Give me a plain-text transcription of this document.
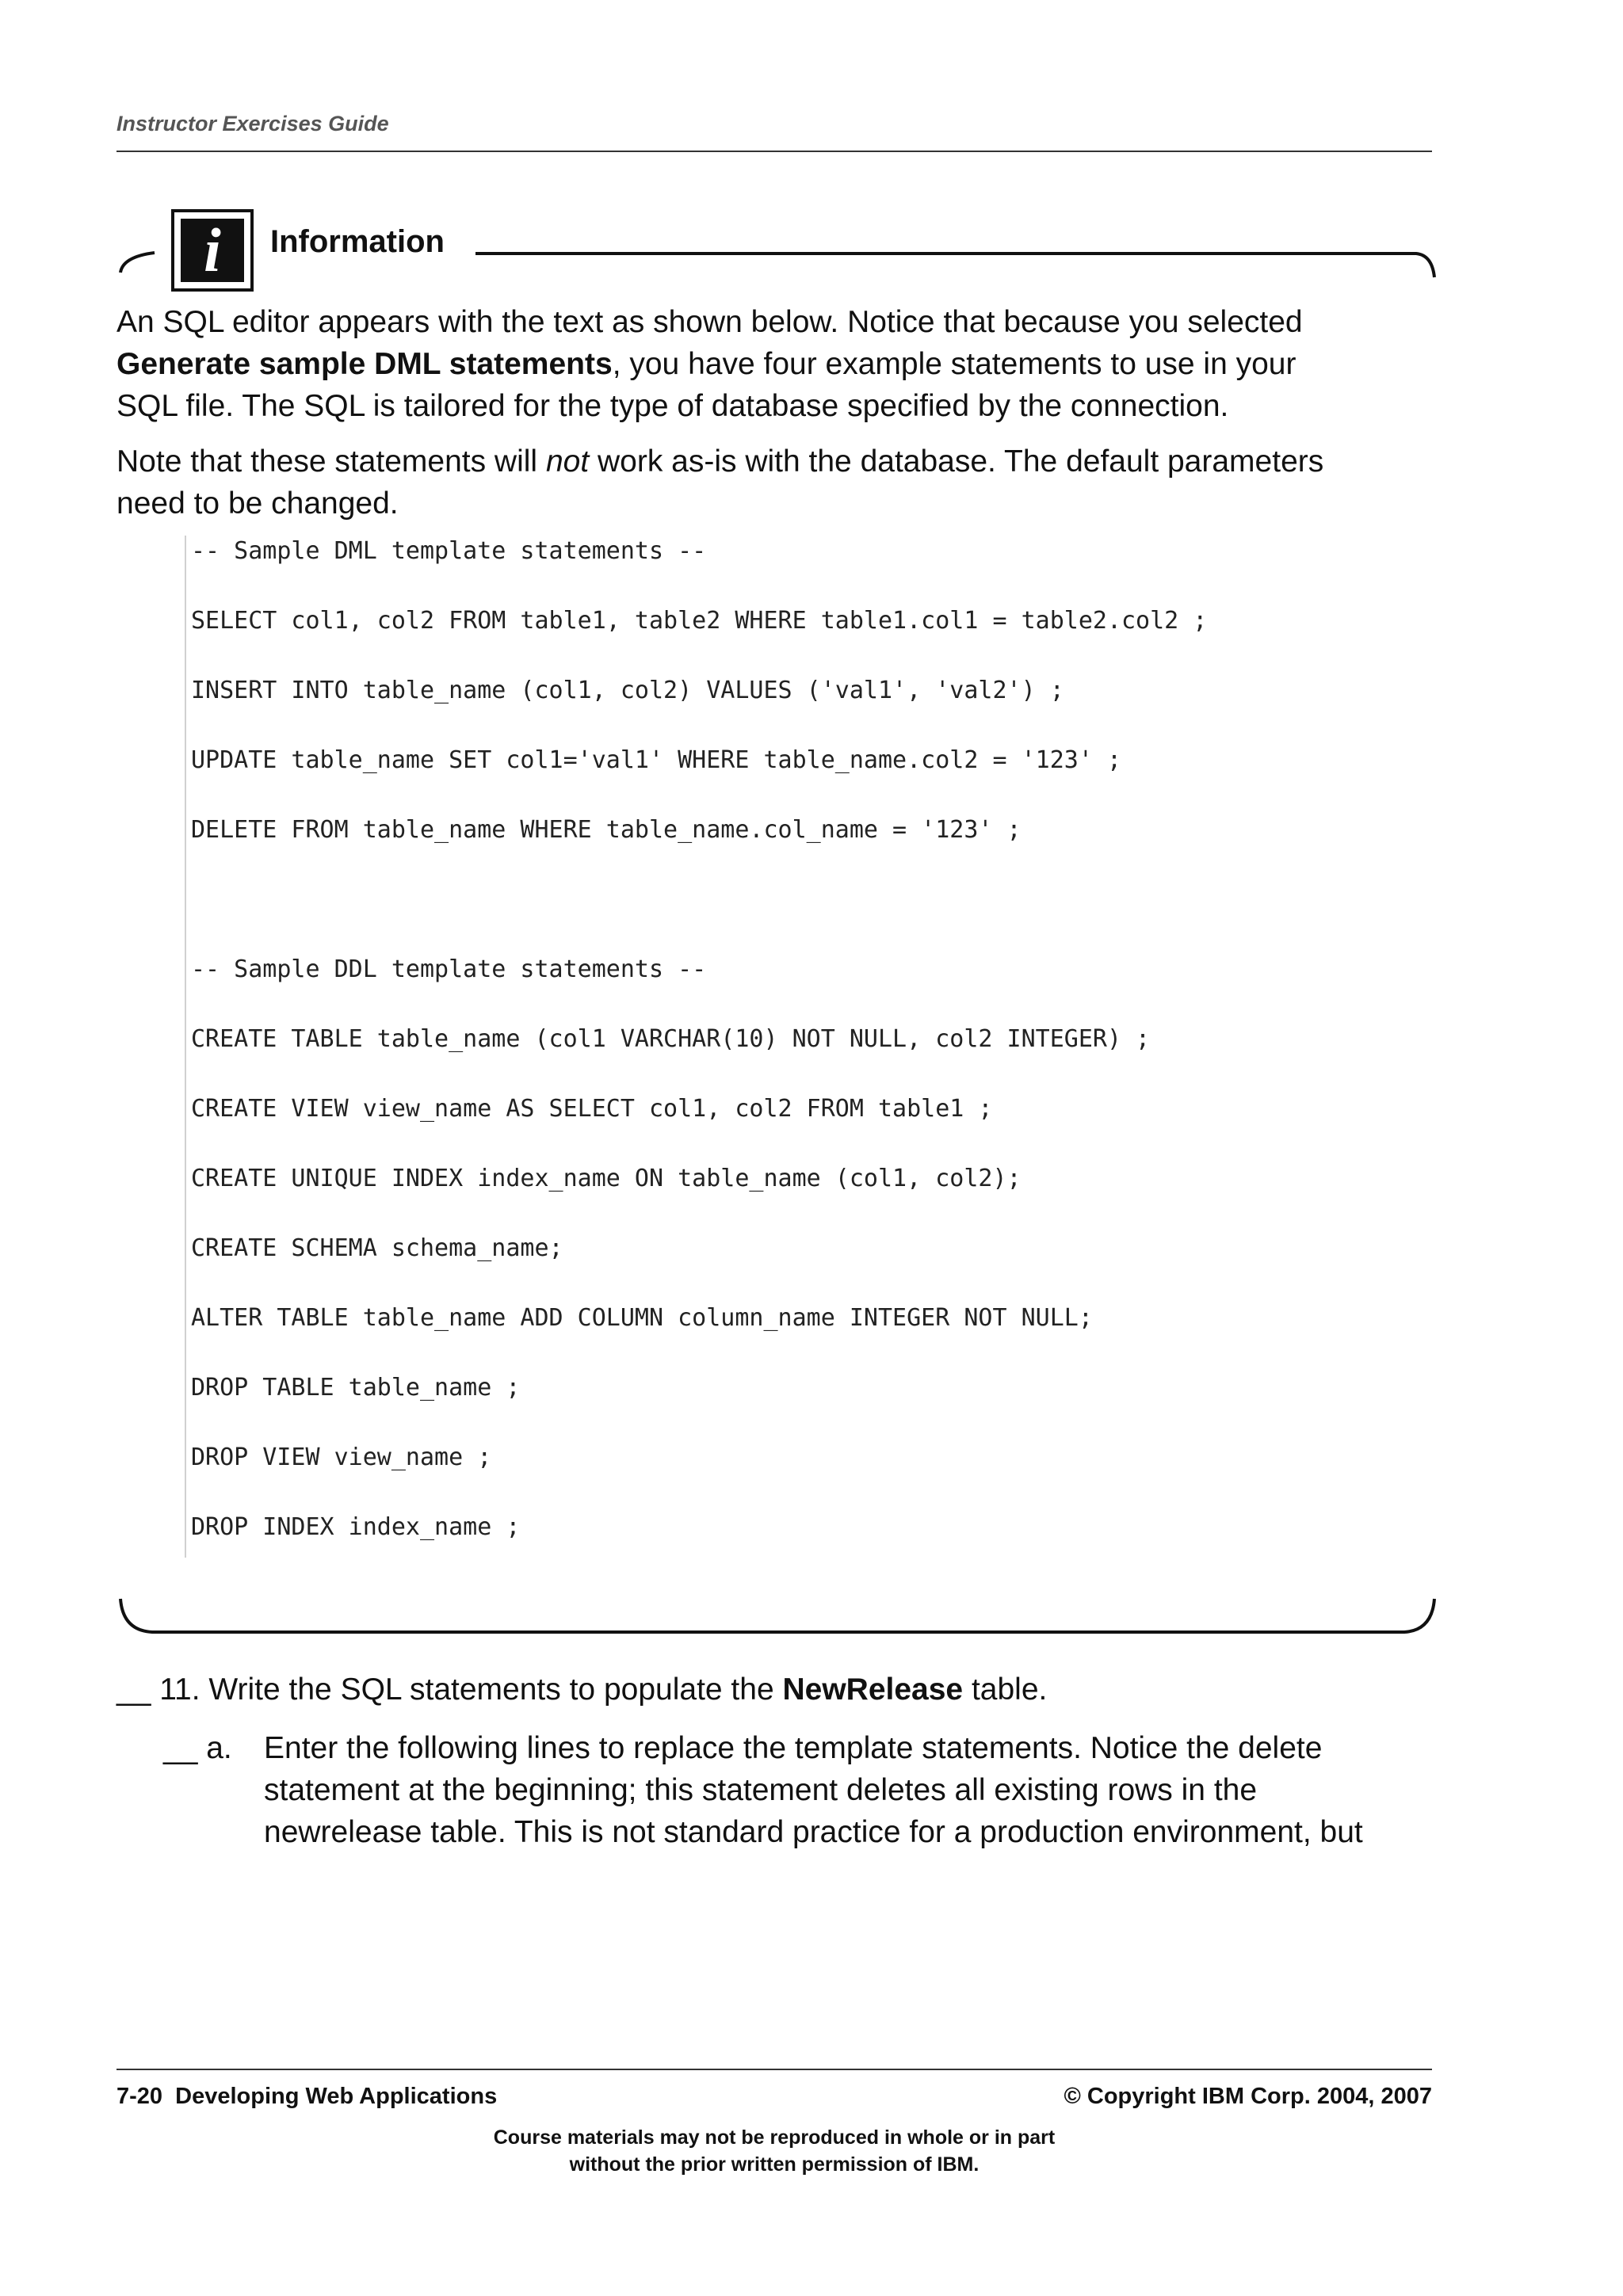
Instructor Exercises Guide
i	Information
An SQL editor appears with the text as shown below. Notice that because you selected
Generate sample DML statements, you have four example statements to use in your
SQL file. The SQL is tailored for the type of database specified by the connection.
Note that these statements will not work as-is with the database. The default parameters
need to be changed.
-- Sample DML template statements --
SELECT col1, col2 FROM table1, table2 WHERE table1.col1 = table2.col2 ;
INSERT INTO table_name (col1, col2) VALUES ('val1', 'val2') ;
UPDATE table_name SET col1='val1' WHERE table_name.col2 = '123' ;
DELETE FROM table_name WHERE table_name.col_name = '123' ;
-- Sample DDL template statements --
CREATE TABLE table_name (col1 VARCHAR(10) NOT NULL, col2 INTEGER) ;
CREATE VIEW view_name AS SELECT col1, col2 FROM table1 ;
CREATE UNIQUE INDEX index_name ON table_name (col1, col2);
CREATE SCHEMA schema_name;
ALTER TABLE table_name ADD COLUMN column_name INTEGER NOT NULL;
DROP TABLE table_name ;
DROP VIEW view_name ;
DROP INDEX index_name ;
__ 11. Write the SQL statements to populate the NewRelease table.
__ a. Enter the following lines to replace the template statements. Notice the delete
statement at the beginning; this statement deletes all existing rows in the
newrelease table. This is not standard practice for a production environment, but
7-20  Developing Web Applications	© Copyright IBM Corp. 2004, 2007
Course materials may not be reproduced in whole or in part
without the prior written permission of IBM.
